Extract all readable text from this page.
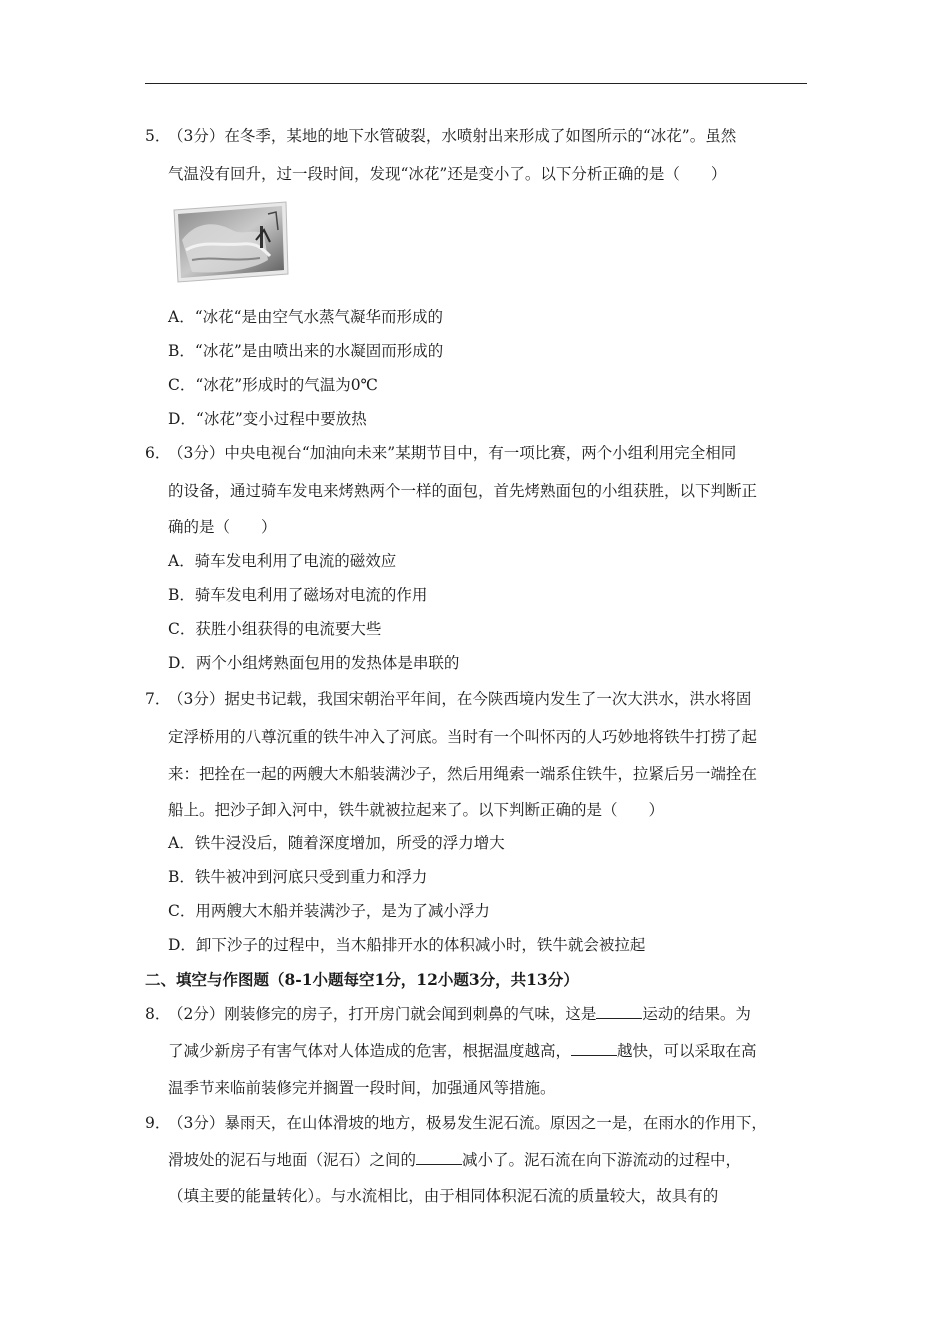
5．
（3分）在冬季，某地的地下水管破裂，水喷射出来形成了如图所示的“冰花”。虽然
气温没有回升，过一段时间，发现“冰花”还是变小了。以下分析正确的是（　　）
A．“冰花“是由空气水蒸气凝华而形成的
B．“冰花”是由喷出来的水凝固而形成的
C．“冰花”形成时的气温为0℃
D．“冰花”变小过程中要放热
6．
（3分）中央电视台“加油向未来”某期节目中，有一项比赛，两个小组利用完全相同
的设备，通过骑车发电来烤熟两个一样的面包，首先烤熟面包的小组获胜，以下判断正
确的是（　　）
A．骑车发电利用了电流的磁效应
B．骑车发电利用了磁场对电流的作用
C．获胜小组获得的电流要大些
D．两个小组烤熟面包用的发热体是串联的
7．
（3分）据史书记载，我国宋朝治平年间，在今陕西境内发生了一次大洪水，洪水将固
定浮桥用的八尊沉重的铁牛冲入了河底。当时有一个叫怀丙的人巧妙地将铁牛打捞了起
来：把拴在一起的两艘大木船装满沙子，然后用绳索一端系住铁牛，拉紧后另一端拴在
船上。把沙子卸入河中，铁牛就被拉起来了。以下判断正确的是（　　）
A．铁牛浸没后，随着深度增加，所受的浮力增大
B．铁牛被冲到河底只受到重力和浮力
C．用两艘大木船并装满沙子，是为了减小浮力
D．卸下沙子的过程中，当木船排开水的体积减小时，铁牛就会被拉起
二、填空与作图题（8-1小题每空1分，12小题3分，共13分）
8．
（2分）刚装修完的房子，打开房门就会闻到刺鼻的气味，这是	运动的结果。为
了减少新房子有害气体对人体造成的危害，根据温度越高，	越快，可以采取在高
温季节来临前装修完并搁置一段时间，加强通风等措施。
9．
（3分）暴雨天，在山体滑坡的地方，极易发生泥石流。原因之一是，在雨水的作用下，
滑坡处的泥石与地面（泥石）之间的	减小了。泥石流在向下游流动的过程中，
（填主要的能量转化）。与水流相比，由于相同体积泥石流的质量较大，故具有的
